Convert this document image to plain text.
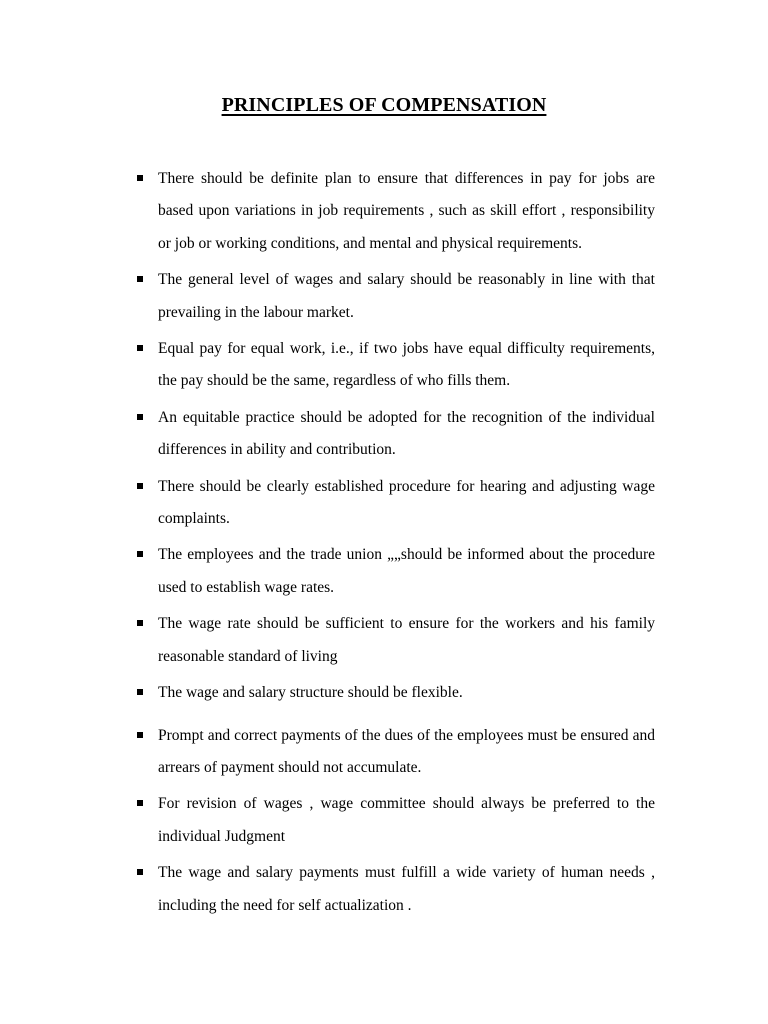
PRINCIPLES OF COMPENSATION
There should be definite plan to ensure that differences in pay for jobs are based upon variations in job requirements , such as skill effort , responsibility or job or working conditions, and mental and physical requirements.
The general level of wages and salary should be reasonably in line with that prevailing in the labour market.
Equal pay for equal work, i.e., if two jobs have equal difficulty requirements, the pay should be the same, regardless of who fills them.
An equitable practice should be adopted for the recognition of the individual differences in ability and contribution.
There should be clearly established procedure for hearing and adjusting wage complaints.
The employees and the trade union „„should be informed about the procedure used to establish wage rates.
The wage rate should be sufficient to ensure for the workers and his family reasonable standard of living
The wage and salary structure should be flexible.
Prompt and correct payments of the dues of the employees must be ensured and arrears of payment should not accumulate.
For revision of wages , wage committee should always be preferred to the individual Judgment
The wage and salary payments must fulfill a wide variety of human needs , including the need for self actualization .
